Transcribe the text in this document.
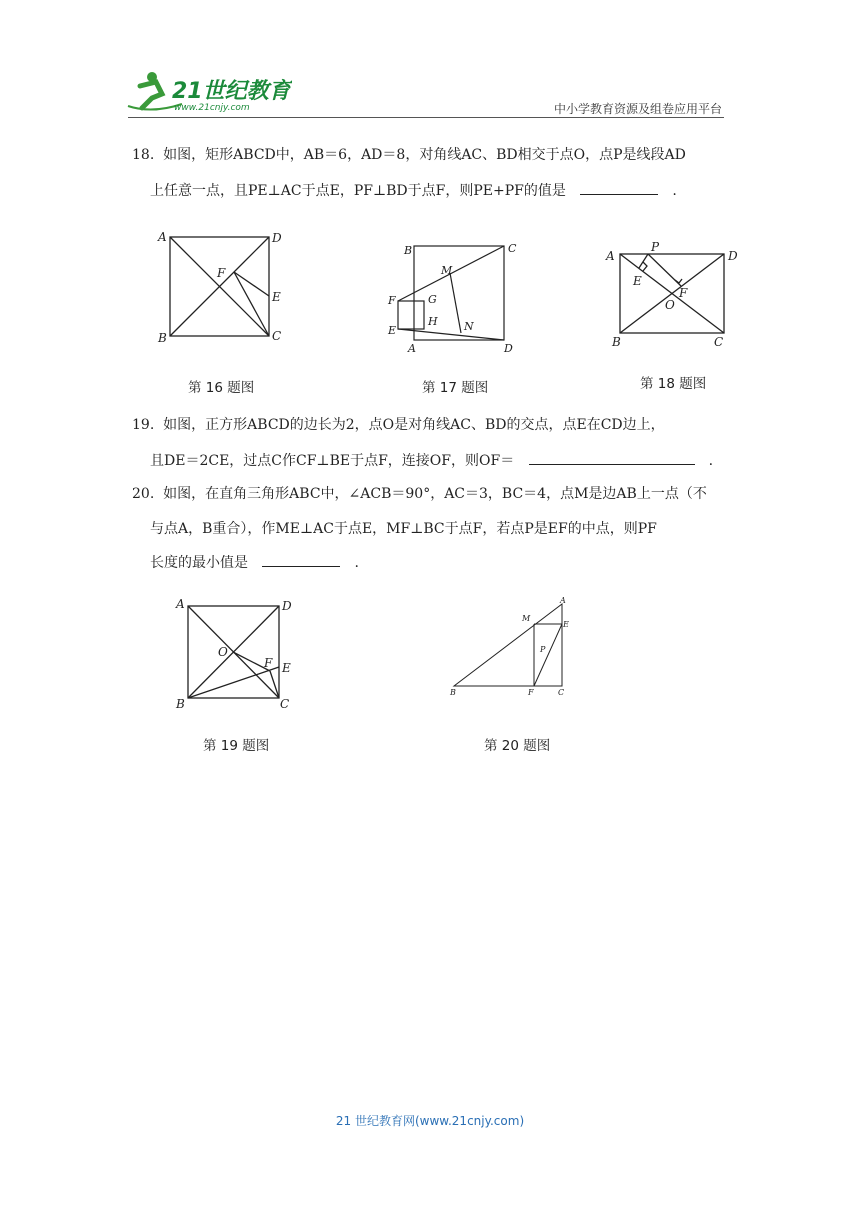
21世纪教育
www.21cnjy.com	中小学教育资源及组卷应用平台
18. 如图，矩形ABCD中，AB＝6，AD＝8，对角线AC、BD相交于点O，点P是线段AD
上任意一点，且PE⊥AC于点E，PF⊥BD于点F，则PE+PF的值是	.
A	D
F
E
B	C
第 16 题图
B	C
M
F	G
E
H N
A	D
第 17 题图
A
P
D
E
F
O
B	C
第 18 题图
19. 如图，正方形ABCD的边长为2，点O是对角线AC、BD的交点，点E在CD边上，
且DE＝2CE，过点C作CF⊥BE于点F，连接OF，则OF＝	.
20. 如图，在直角三角形ABC中，∠ACB＝90°，AC＝3，BC＝4，点M是边AB上一点（不
与点A，B重合），作ME⊥AC于点E，MF⊥BC于点F，若点P是EF的中点，则PF
长度的最小值是	.
A	D
O
F E
B	C
第 19 题图
A
M
E
P
B	F	C
第 20 题图
21 世纪教育网(www.21cnjy.com)
